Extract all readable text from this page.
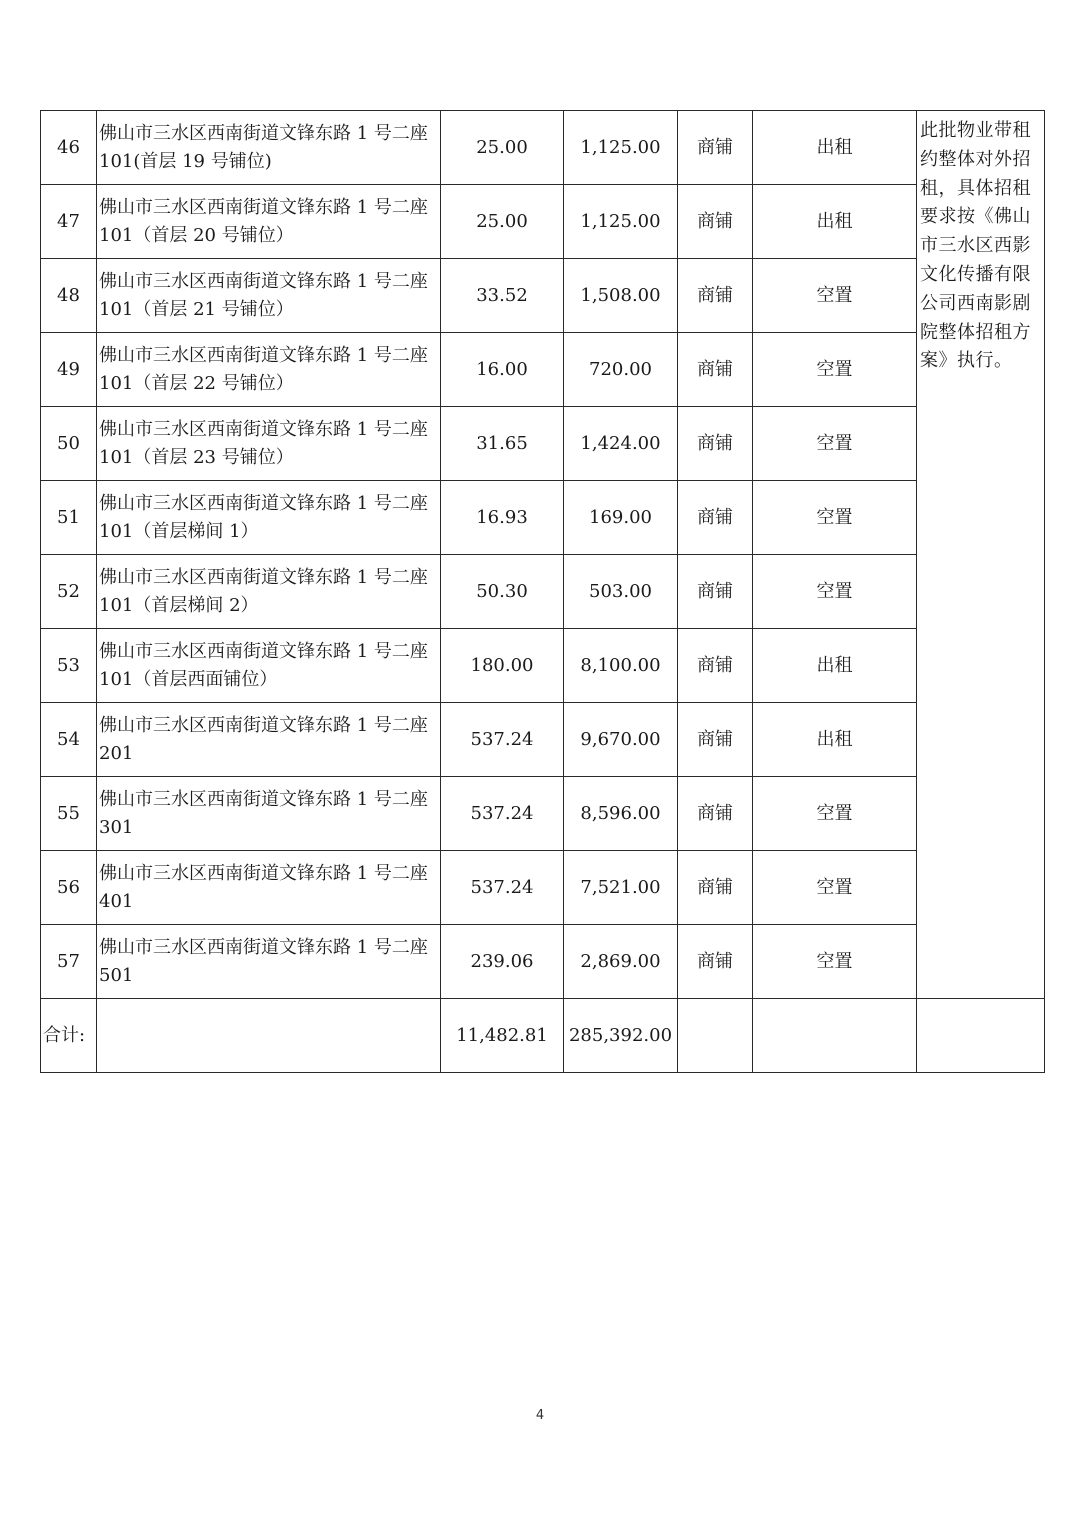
46	佛山市三水区西南街道文锋东路 1 号二座 101(首层 19 号铺位)	25.00	1,125.00	商铺	出租	此批物业带租约整体对外招租，具体招租要求按《佛山市三水区西影文化传播有限公司西南影剧院整体招租方案》执行。
47	佛山市三水区西南街道文锋东路 1 号二座 101（首层 20 号铺位）	25.00	1,125.00	商铺	出租	
48	佛山市三水区西南街道文锋东路 1 号二座 101（首层 21 号铺位）	33.52	1,508.00	商铺	空置	
49	佛山市三水区西南街道文锋东路 1 号二座 101（首层 22 号铺位）	16.00	720.00	商铺	空置	
50	佛山市三水区西南街道文锋东路 1 号二座 101（首层 23 号铺位）	31.65	1,424.00	商铺	空置	
51	佛山市三水区西南街道文锋东路 1 号二座 101（首层梯间 1）	16.93	169.00	商铺	空置	
52	佛山市三水区西南街道文锋东路 1 号二座 101（首层梯间 2）	50.30	503.00	商铺	空置	
53	佛山市三水区西南街道文锋东路 1 号二座 101（首层西面铺位）	180.00	8,100.00	商铺	出租	
54	佛山市三水区西南街道文锋东路 1 号二座 201	537.24	9,670.00	商铺	出租	
55	佛山市三水区西南街道文锋东路 1 号二座 301	537.24	8,596.00	商铺	空置	
56	佛山市三水区西南街道文锋东路 1 号二座 401	537.24	7,521.00	商铺	空置	
57	佛山市三水区西南街道文锋东路 1 号二座 501	239.06	2,869.00	商铺	空置	
合计:		11,482.81	285,392.00			
4
